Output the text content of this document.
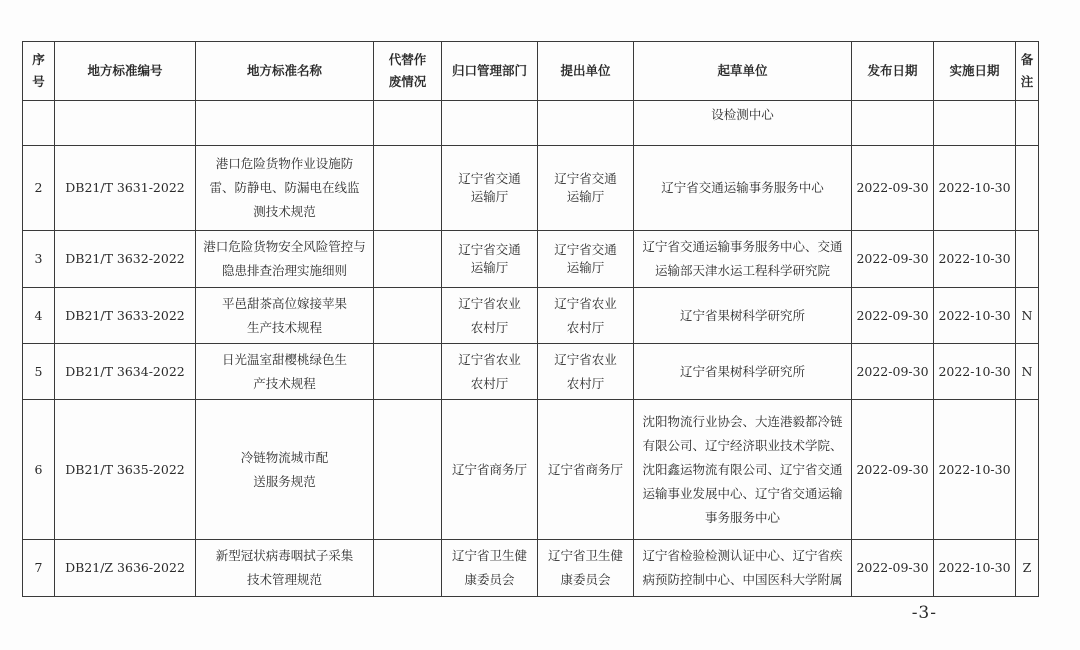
序号	地方标准编号	地方标准名称	代替作废情况	归口管理部门	提出单位	起草单位	发布日期	实施日期	备注
						设检测中心			
2	DB21/T 3631-2022	港口危险货物作业设施防雷、防静电、防漏电在线监测技术规范		辽宁省交通运输厅	辽宁省交通运输厅	辽宁省交通运输事务服务中心	2022-09-30	2022-10-30	
3	DB21/T 3632-2022	港口危险货物安全风险管控与隐患排查治理实施细则		辽宁省交通运输厅	辽宁省交通运输厅	辽宁省交通运输事务服务中心、交通运输部天津水运工程科学研究院	2022-09-30	2022-10-30	
4	DB21/T 3633-2022	平邑甜茶高位嫁接苹果生产技术规程		辽宁省农业农村厅	辽宁省农业农村厅	辽宁省果树科学研究所	2022-09-30	2022-10-30	N
5	DB21/T 3634-2022	日光温室甜樱桃绿色生产技术规程		辽宁省农业农村厅	辽宁省农业农村厅	辽宁省果树科学研究所	2022-09-30	2022-10-30	N
6	DB21/T 3635-2022	冷链物流城市配送服务规范		辽宁省商务厅	辽宁省商务厅	沈阳物流行业协会、大连港毅都冷链有限公司、辽宁经济职业技术学院、沈阳鑫运物流有限公司、辽宁省交通运输事业发展中心、辽宁省交通运输事务服务中心	2022-09-30	2022-10-30	
7	DB21/Z 3636-2022	新型冠状病毒咽拭子采集技术管理规范		辽宁省卫生健康委员会	辽宁省卫生健康委员会	辽宁省检验检测认证中心、辽宁省疾病预防控制中心、中国医科大学附属	2022-09-30	2022-10-30	Z
-3-
